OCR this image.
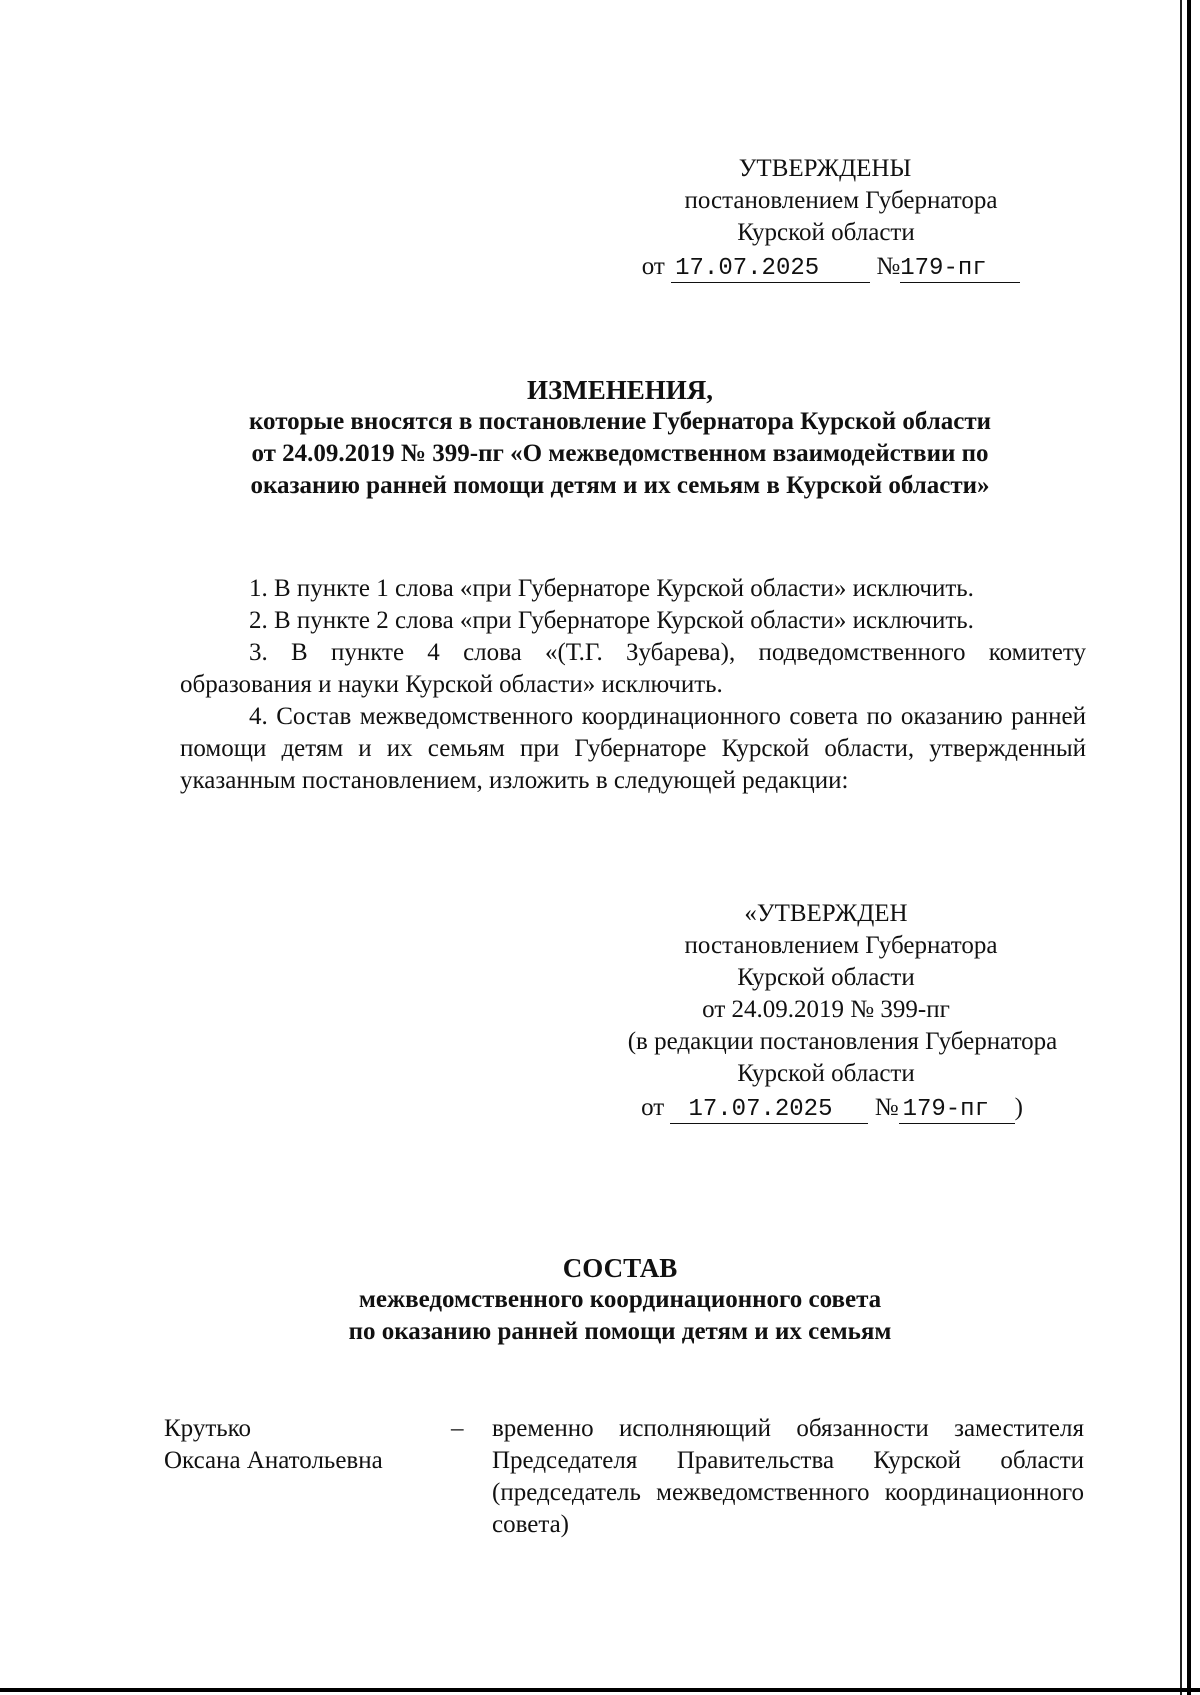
УТВЕРЖДЕНЫ
постановлением Губернатора
Курской области
от 17.07.2025 №179-пг
ИЗМЕНЕНИЯ,
которые вносятся в постановление Губернатора Курской области
от 24.09.2019 № 399-пг «О межведомственном взаимодействии по
оказанию ранней помощи детям и их семьям в Курской области»

1. В пункте 1 слова «при Губернаторе Курской области» исключить.

2. В пункте 2 слова «при Губернаторе Курской области» исключить.

3. В пункте 4 слова «(Т.Г. Зубарева), подведомственного комитету образования и науки Курской области» исключить.

4. Состав межведомственного координационного совета по оказанию ранней помощи детям и их семьям при Губернаторе Курской области, утвержденный указанным постановлением, изложить в следующей редакции:

«УТВЕРЖДЕН
постановлением Губернатора
Курской области
от 24.09.2019 № 399-пг
(в редакции постановления Губернатора
Курской области
от 17.07.2025 № 179-пг )
СОСТАВ
межведомственного координационного совета
по оказанию ранней помощи детям и их семьям
Крутько
Оксана Анатольевна
– временно исполняющий обязанности заместителя Председателя Правительства Курской области (председатель межведомственного координационного совета)
